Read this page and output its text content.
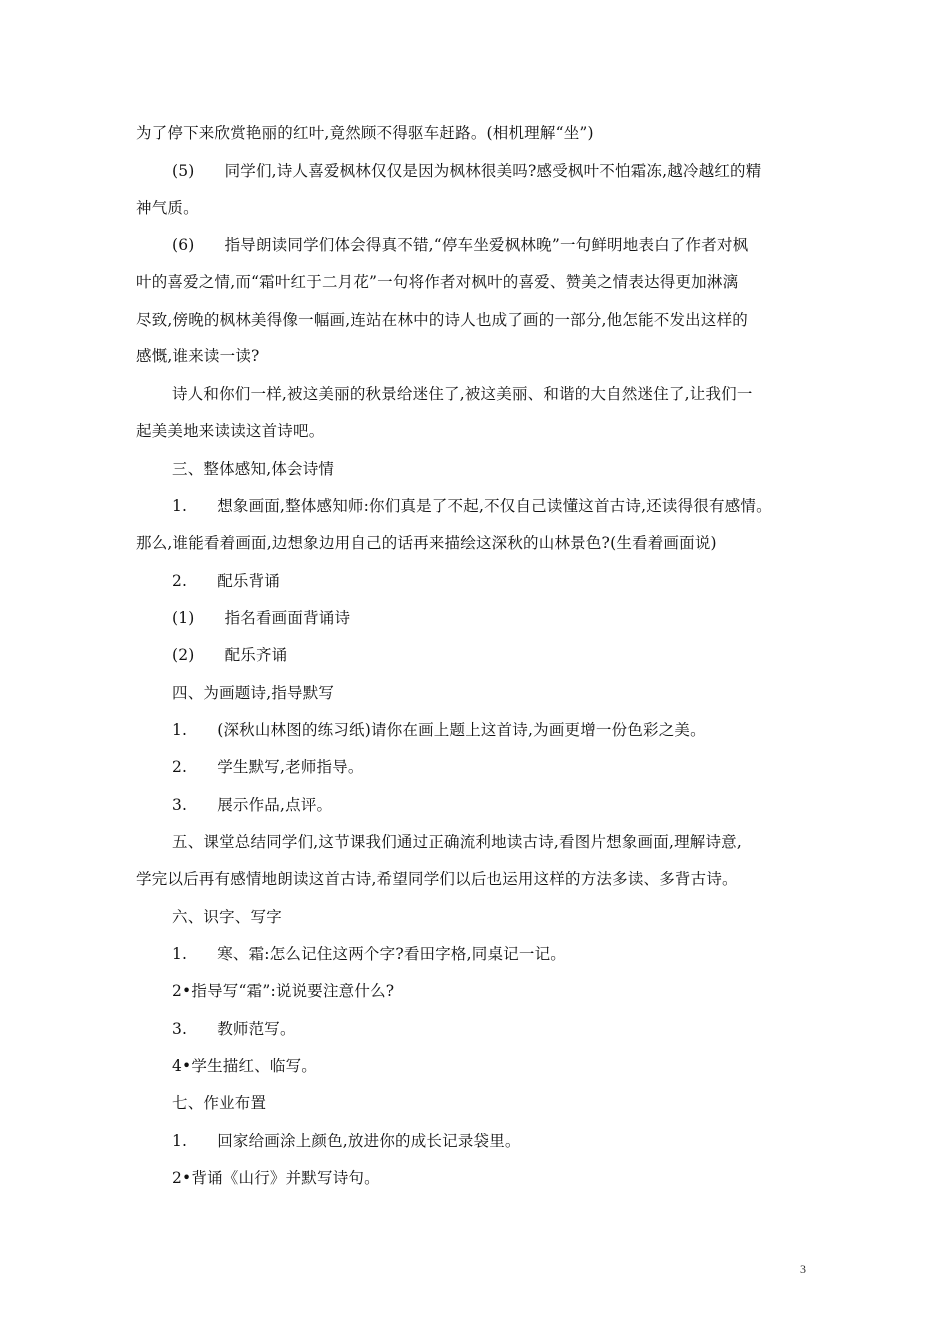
为了停下来欣赏艳丽的红叶,竟然顾不得驱车赶路。(相机理解“坐”)
(5) 同学们,诗人喜爱枫林仅仅是因为枫林很美吗?感受枫叶不怕霜冻,越冷越红的精
神气质。
(6) 指导朗读同学们体会得真不错,“停车坐爱枫林晚”一句鲜明地表白了作者对枫
叶的喜爱之情,而“霜叶红于二月花”一句将作者对枫叶的喜爱、赞美之情表达得更加淋漓
尽致,傍晚的枫林美得像一幅画,连站在林中的诗人也成了画的一部分,他怎能不发出这样的
感慨,谁来读一读?
诗人和你们一样,被这美丽的秋景给迷住了,被这美丽、和谐的大自然迷住了,让我们一
起美美地来读读这首诗吧。
三、整体感知,体会诗情
1. 想象画面,整体感知师:你们真是了不起,不仅自己读懂这首古诗,还读得很有感情。
那么,谁能看着画面,边想象边用自己的话再来描绘这深秋的山林景色?(生看着画面说)
2. 配乐背诵
(1) 指名看画面背诵诗
(2) 配乐齐诵
四、为画题诗,指导默写
1. (深秋山林图的练习纸)请你在画上题上这首诗,为画更增一份色彩之美。
2. 学生默写,老师指导。
3. 展示作品,点评。
五、课堂总结同学们,这节课我们通过正确流利地读古诗,看图片想象画面,理解诗意,
学完以后再有感情地朗读这首古诗,希望同学们以后也运用这样的方法多读、多背古诗。
六、识字、写字
1. 寒、霜:怎么记住这两个字?看田字格,同桌记一记。
2•指导写“霜”:说说要注意什么?
3. 教师范写。
4•学生描红、临写。
七、作业布置
1. 回家给画涂上颜色,放进你的成长记录袋里。
2•背诵《山行》并默写诗句。
3
